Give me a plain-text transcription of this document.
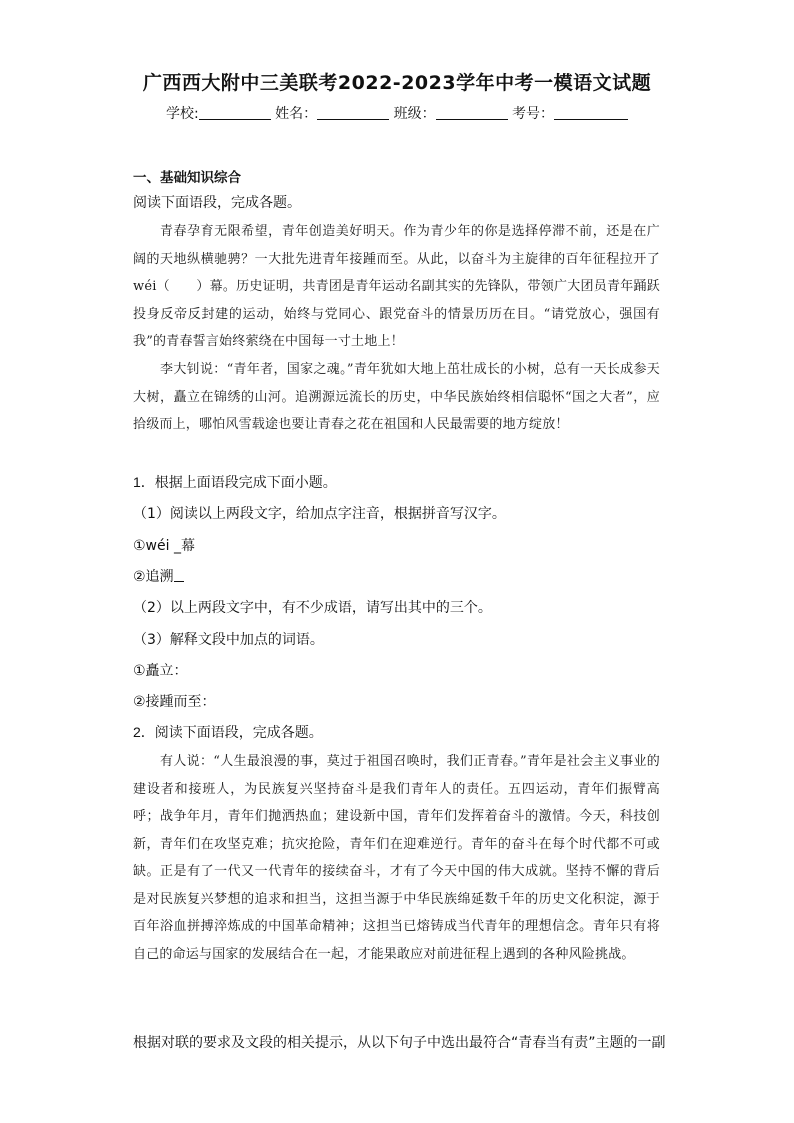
广西西大附中三美联考2022-2023学年中考一模语文试题
学校:	姓名：	班级：	考号：
一、基础知识综合
阅读下面语段，完成各题。
青春孕育无限希望，青年创造美好明天。作为青少年的你是选择停滞不前，还是在广阔的天地纵横驰骋？一大批先进青年接踵而至。从此，以奋斗为主旋律的百年征程拉开了wéi（　　）幕。历史证明，共青团是青年运动名副其实的先锋队，带领广大团员青年踊跃投身反帝反封建的运动，始终与党同心、跟党奋斗的情景历历在目。“请党放心，强国有我”的青春誓言始终萦绕在中国每一寸土地上！
李大钊说：“青年者，国家之魂。”青年犹如大地上茁壮成长的小树，总有一天长成参天大树，矗立在锦绣的山河。追溯源远流长的历史，中华民族始终相信聪怀“国之大者”，应拾级而上，哪怕风雪载途也要让青春之花在祖国和人民最需要的地方绽放！
1．根据上面语段完成下面小题。
（1）阅读以上两段文字，给加点字注音，根据拼音写汉字。
①wéi _幕
②追溯
（2）以上两段文字中，有不少成语，请写出其中的三个。
（3）解释文段中加点的词语。
①矗立：
②接踵而至：
2．阅读下面语段，完成各题。
有人说：“人生最浪漫的事，莫过于祖国召唤时，我们正青春。”青年是社会主义事业的建设者和接班人，为民族复兴坚持奋斗是我们青年人的责任。五四运动，青年们振臂高呼；战争年月，青年们抛洒热血；建设新中国，青年们发挥着奋斗的激情。今天，科技创新，青年们在攻坚克难；抗灾抢险，青年们在迎难逆行。青年的奋斗在每个时代都不可或缺。正是有了一代又一代青年的接续奋斗，才有了今天中国的伟大成就。坚持不懈的背后是对民族复兴梦想的追求和担当，这担当源于中华民族绵延数千年的历史文化积淀，源于百年浴血拼搏淬炼成的中国革命精神；这担当已熔铸成当代青年的理想信念。青年只有将自己的命运与国家的发展结合在一起，才能果敢应对前进征程上遇到的各种风险挑战。
根据对联的要求及文段的相关提示，从以下句子中选出最符合“青春当有责”主题的一副
